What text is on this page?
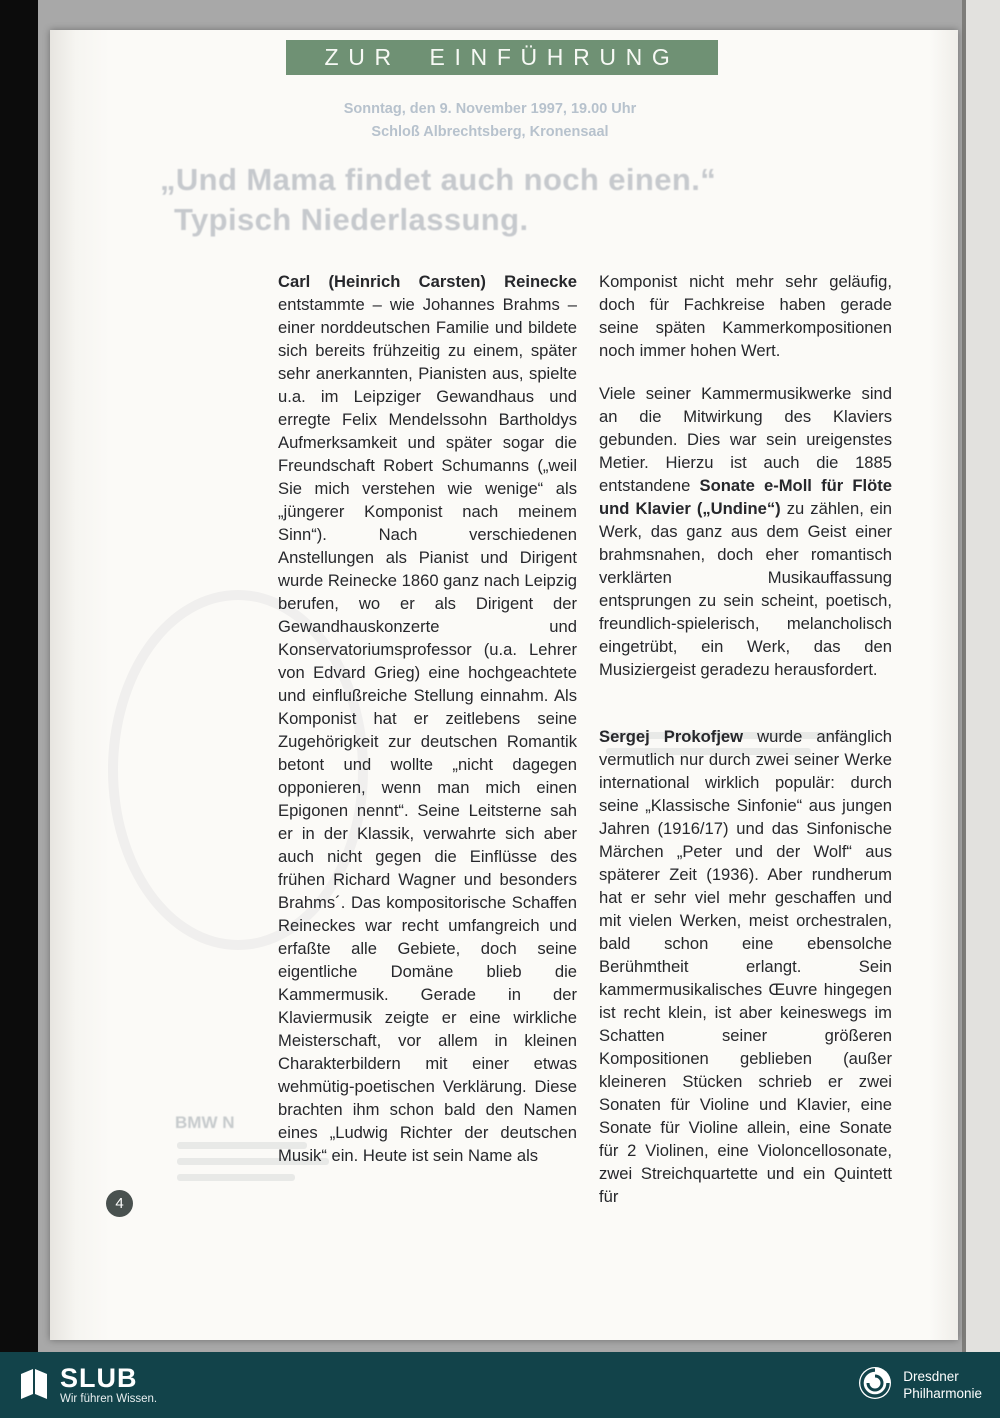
ZUR EINFÜHRUNG
Sonntag, den 9. November 1997, 19.00 Uhr
Schloß Albrechtsberg, Kronensaal
„Und Mama findet auch noch einen.“
Typisch Niederlassung.
BMW N

Carl (Heinrich Carsten) Reinecke entstammte – wie Johannes Brahms – einer norddeutschen Familie und bildete sich bereits frühzeitig zu einem, später sehr anerkannten, Pianisten aus, spielte u.a. im Leipziger Gewandhaus und erregte Felix Mendelssohn Bartholdys Aufmerksamkeit und später sogar die Freundschaft Robert Schumanns („weil Sie mich verstehen wie wenige“ als „jüngerer Komponist nach meinem Sinn“). Nach verschiedenen Anstellungen als Pianist und Dirigent wurde Reinecke 1860 ganz nach Leipzig berufen, wo er als Dirigent der Gewandhauskonzerte und Konservatoriumsprofessor (u.a. Lehrer von Edvard Grieg) eine hochgeachtete und einflußreiche Stellung einnahm. Als Komponist hat er zeitlebens seine Zugehörigkeit zur deutschen Romantik betont und wollte „nicht dagegen opponieren, wenn man mich einen Epigonen nennt“. Seine Leitsterne sah er in der Klassik, verwahrte sich aber auch nicht gegen die Einflüsse des frühen Richard Wagner und besonders Brahms´. Das kompositorische Schaffen Reineckes war recht umfangreich und erfaßte alle Gebiete, doch seine eigentliche Domäne blieb die Kammermusik. Gerade in der Klaviermusik zeigte er eine wirkliche Meisterschaft, vor allem in kleinen Charakterbildern mit einer etwas wehmütig-poetischen Verklärung. Diese brachten ihm schon bald den Namen eines „Ludwig Richter der deutschen Musik“ ein. Heute ist sein Name als

Komponist nicht mehr sehr geläufig, doch für Fachkreise haben gerade seine späten Kammerkompositionen noch immer hohen Wert.

Viele seiner Kammermusikwerke sind an die Mitwirkung des Klaviers gebunden. Dies war sein ureigenstes Metier. Hierzu ist auch die 1885 entstandene Sonate e-Moll für Flöte und Klavier („Undine“) zu zählen, ein Werk, das ganz aus dem Geist einer brahmsnahen, doch eher romantisch verklärten Musikauffassung entsprungen zu sein scheint, poetisch, freundlich-spielerisch, melancholisch eingetrübt, ein Werk, das den Musiziergeist geradezu herausfordert.

Sergej Prokofjew wurde anfänglich vermutlich nur durch zwei seiner Werke international wirklich populär: durch seine „Klassische Sinfonie“ aus jungen Jahren (1916/17) und das Sinfonische Märchen „Peter und der Wolf“ aus späterer Zeit (1936). Aber rundherum hat er sehr viel mehr geschaffen und mit vielen Werken, meist orchestralen, bald schon eine ebensolche Berühmtheit erlangt. Sein kammermusikalisches Œuvre hingegen ist recht klein, ist aber keineswegs im Schatten seiner größeren Kompositionen geblieben (außer kleineren Stücken schrieb er zwei Sonaten für Violine und Klavier, eine Sonate für Violine allein, eine Sonate für 2 Violinen, eine Violoncellosonate, zwei Streichquartette und ein Quintett für

4
SLUB
Wir führen Wissen.
Dresdner
Philharmonie
